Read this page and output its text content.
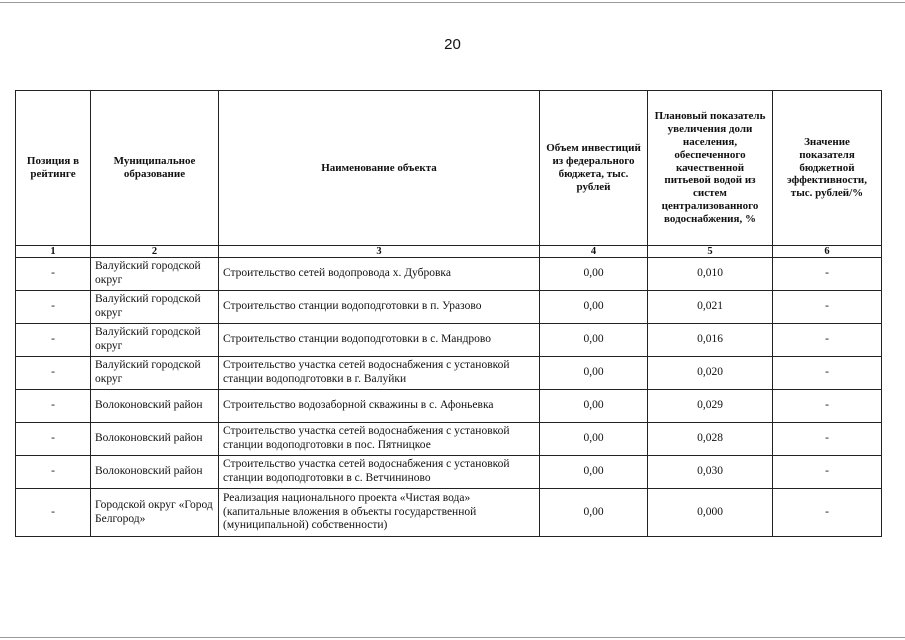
20
Позиция в рейтинге	Муниципальное образование	Наименование объекта	Объем инвестиций из федерального бюджета, тыс. рублей	Плановый показатель увеличения доли населения, обеспеченного качественной питьевой водой из систем централизованного водоснабжения, %	Значение показателя бюджетной эффективности, тыс. рублей/%
1	2	3	4	5	6
-	Валуйский городской округ	Строительство сетей водопровода х. Дубровка	0,00	0,010	-
-	Валуйский городской округ	Строительство станции водоподготовки в п. Уразово	0,00	0,021	-
-	Валуйский городской округ	Строительство станции водоподготовки в с. Мандрово	0,00	0,016	-
-	Валуйский городской округ	Строительство участка сетей водоснабжения с установкой станции водоподготовки в г. Валуйки	0,00	0,020	-
-	Волоконовский район	Строительство водозаборной скважины в с. Афоньевка	0,00	0,029	-
-	Волоконовский район	Строительство участка сетей водоснабжения с установкой станции водоподготовки в пос. Пятницкое	0,00	0,028	-
-	Волоконовский район	Строительство участка сетей водоснабжения с установкой станции водоподготовки в с. Ветчининово	0,00	0,030	-
-	Городской округ «Город Белгород»	Реализация национального проекта «Чистая вода» (капитальные вложения в объекты государственной (муниципальной) собственности)	0,00	0,000	-
